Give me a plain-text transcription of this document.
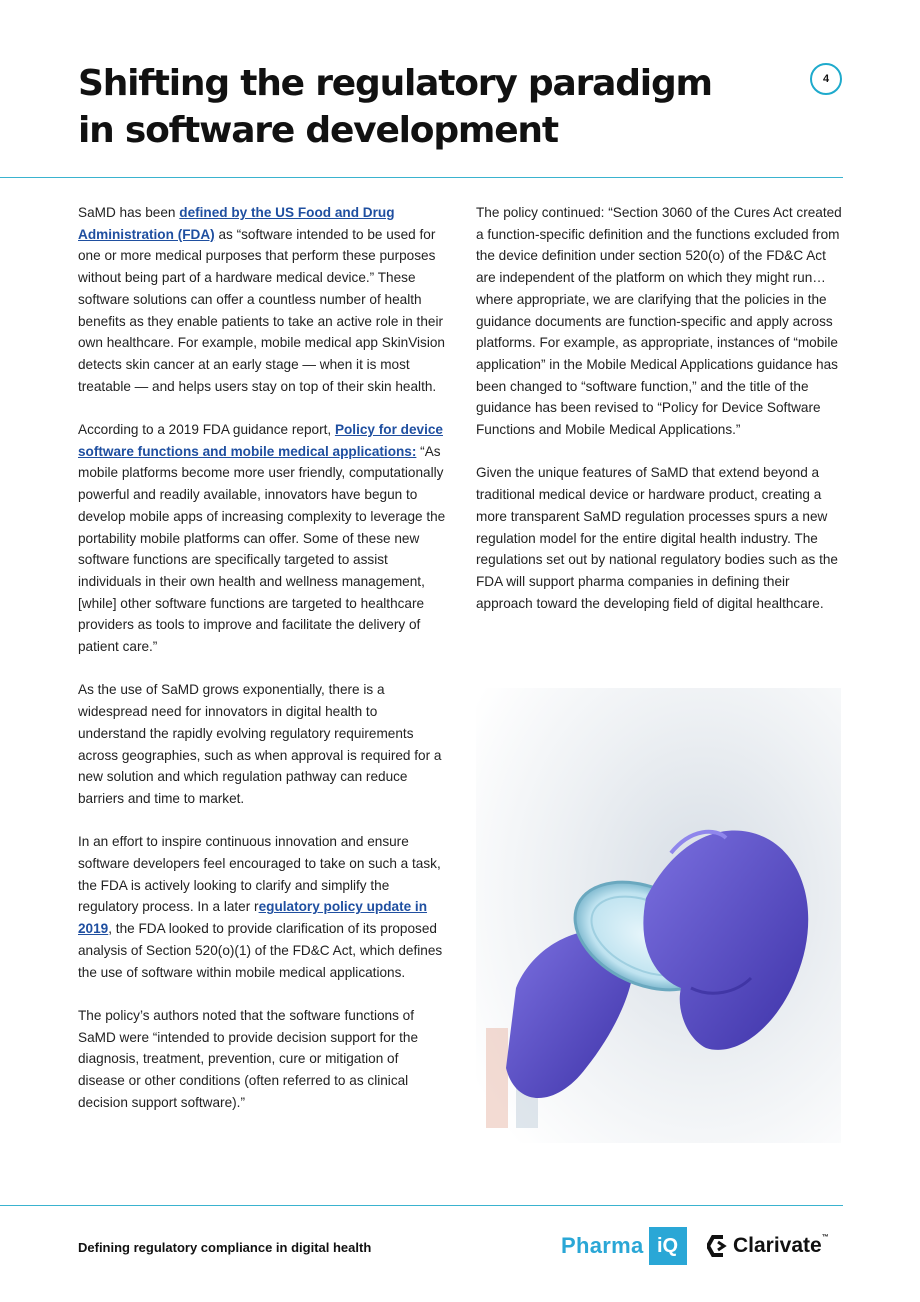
Shifting the regulatory paradigm
in software development
4

SaMD has been defined by the US Food and Drug Administration (FDA) as “software intended to be used for one or more medical purposes that perform these purposes without being part of a hardware medical device.” These software solutions can offer a countless number of health benefits as they enable patients to take an active role in their own healthcare. For example, mobile medical app SkinVision detects skin cancer at an early stage — when it is most treatable — and helps users stay on top of their skin health.

According to a 2019 FDA guidance report, Policy for device software functions and mobile medical applications: “As mobile platforms become more user friendly, computationally powerful and readily available, innovators have begun to develop mobile apps of increasing complexity to leverage the portability mobile platforms can offer. Some of these new software functions are specifically targeted to assist individuals in their own health and wellness management, [while] other software functions are targeted to healthcare providers as tools to improve and facilitate the delivery of patient care.”

As the use of SaMD grows exponentially, there is a widespread need for innovators in digital health to understand the rapidly evolving regulatory requirements across geographies, such as when approval is required for a new solution and which regulation pathway can reduce barriers and time to market.

In an effort to inspire continuous innovation and ensure software developers feel encouraged to take on such a task, the FDA is actively looking to clarify and simplify the regulatory process. In a later regulatory policy update in 2019, the FDA looked to provide clarification of its proposed analysis of Section 520(o)(1) of the FD&C Act, which defines the use of software within mobile medical applications.

The policy’s authors noted that the software functions of SaMD were “intended to provide decision support for the diagnosis, treatment, prevention, cure or mitigation of disease or other conditions (often referred to as clinical decision support software).”

The policy continued: “Section 3060 of the Cures Act created a function-specific definition and the functions excluded from the device definition under section 520(o) of the FD&C Act are independent of the platform on which they might run… where appropriate, we are clarifying that the policies in the guidance documents are function-specific and apply across platforms. For example, as appropriate, instances of “mobile application” in the Mobile Medical Applications guidance has been changed to “software function,” and the title of the guidance has been revised to “Policy for Device Software Functions and Mobile Medical Applications.”

Given the unique features of SaMD that extend beyond a traditional medical device or hardware product, creating a more transparent SaMD regulation processes spurs a new regulation model for the entire digital health industry. The regulations set out by national regulatory bodies such as the FDA will support pharma companies in defining their approach toward the developing field of digital healthcare.

Defining regulatory compliance in digital health	Pharma iQ	Clarivate™
